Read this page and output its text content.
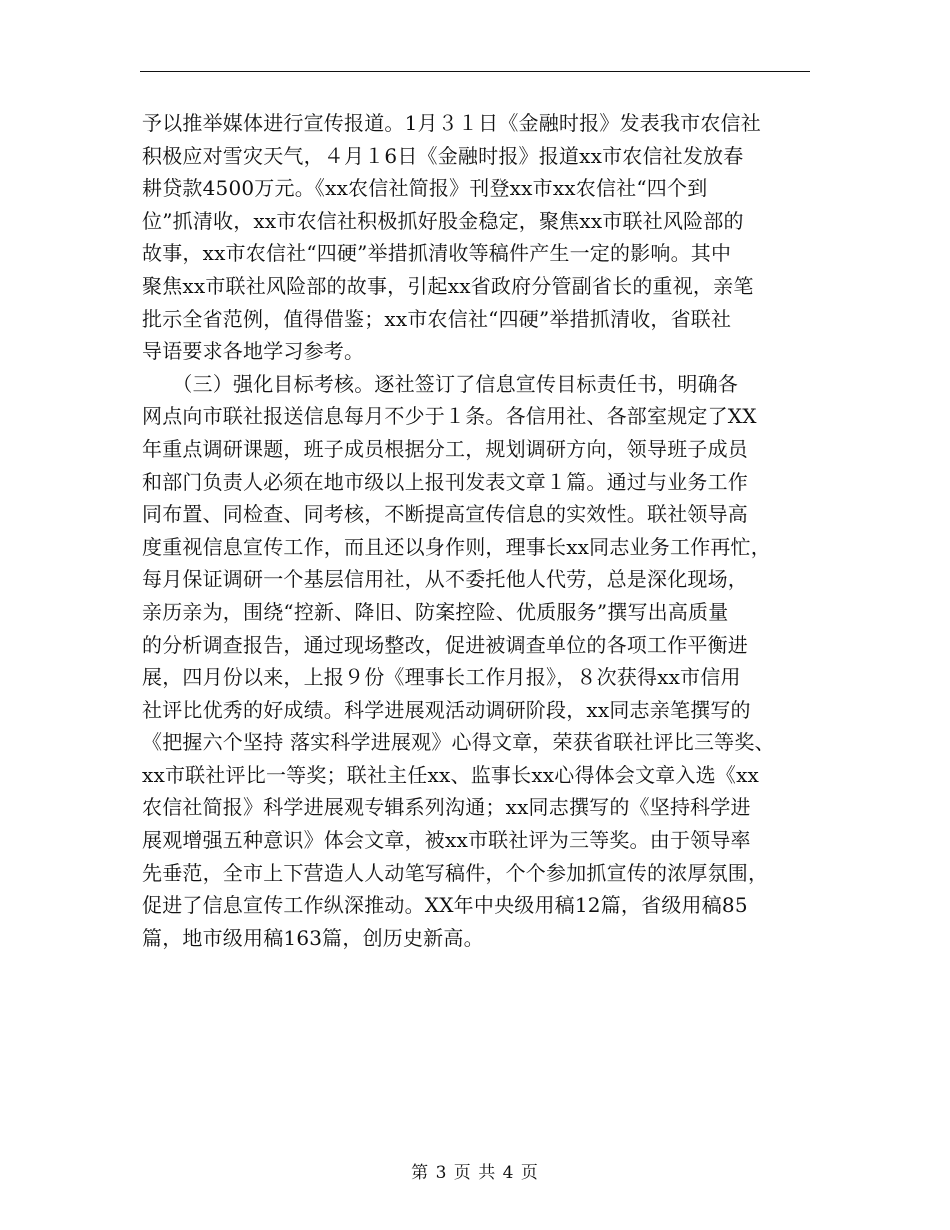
予以推举媒体进行宣传报道。1月３１日《金融时报》发表我市农信社
积极应对雪灾天气，４月１6日《金融时报》报道xx市农信社发放春
耕贷款4500万元。《xx农信社简报》刊登xx市xx农信社“四个到
位”抓清收，xx市农信社积极抓好股金稳定，聚焦xx市联社风险部的
故事，xx市农信社“四硬”举措抓清收等稿件产生一定的影响。其中
聚焦xx市联社风险部的故事，引起xx省政府分管副省长的重视，亲笔
批示全省范例，值得借鉴；xx市农信社“四硬”举措抓清收，省联社
导语要求各地学习参考。
　　（三）强化目标考核。逐社签订了信息宣传目标责任书，明确各
网点向市联社报送信息每月不少于１条。各信用社、各部室规定了XX
年重点调研课题，班子成员根据分工，规划调研方向，领导班子成员
和部门负责人必须在地市级以上报刊发表文章１篇。通过与业务工作
同布置、同检查、同考核，不断提高宣传信息的实效性。联社领导高
度重视信息宣传工作，而且还以身作则，理事长xx同志业务工作再忙，
每月保证调研一个基层信用社，从不委托他人代劳，总是深化现场，
亲历亲为，围绕“控新、降旧、防案控险、优质服务”撰写出高质量
的分析调查报告，通过现场整改，促进被调查单位的各项工作平衡进
展，四月份以来，上报９份《理事长工作月报》，８次获得xx市信用
社评比优秀的好成绩。科学进展观活动调研阶段，xx同志亲笔撰写的
《把握六个坚持 落实科学进展观》心得文章，荣获省联社评比三等奖、
xx市联社评比一等奖；联社主任xx、监事长xx心得体会文章入选《xx
农信社简报》科学进展观专辑系列沟通；xx同志撰写的《坚持科学进
展观增强五种意识》体会文章，被xx市联社评为三等奖。由于领导率
先垂范，全市上下营造人人动笔写稿件，个个参加抓宣传的浓厚氛围，
促进了信息宣传工作纵深推动。XX年中央级用稿12篇，省级用稿85
篇，地市级用稿163篇，创历史新高。
第 3 页 共 4 页
